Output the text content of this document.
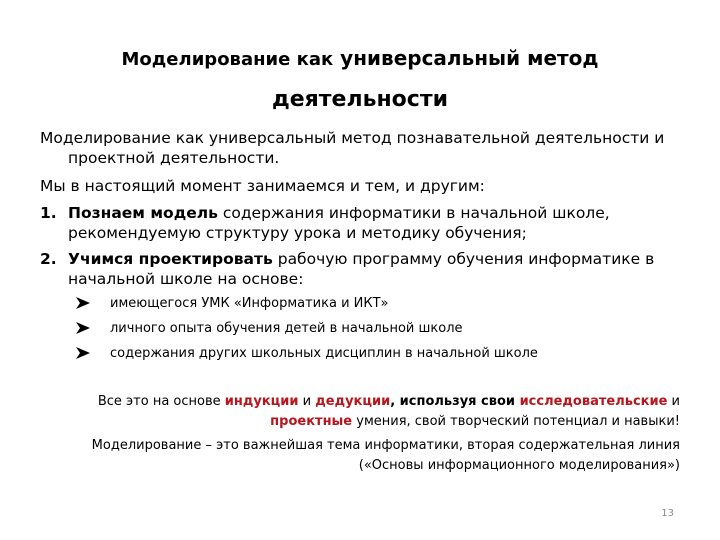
Моделирование как универсальный метод
деятельности
Моделирование как универсальный метод познавательной деятельности и проектной деятельности.
Мы в настоящий момент занимаемся и тем, и другим:
1. Познаем модель содержания информатики в начальной школе, рекомендуемую структуру урока и методику обучения;
2. Учимся проектировать рабочую программу обучения информатике в начальной школе на основе:
имеющегося УМК «Информатика и ИКТ»
личного опыта обучения детей в начальной школе
содержания других школьных дисциплин в начальной школе
Все это на основе индукции и дедукции, используя свои исследовательские и
проектные умения, свой творческий потенциал и навыки!
Моделирование – это важнейшая тема информатики, вторая содержательная линия
(«Основы информационного моделирования»)
13
